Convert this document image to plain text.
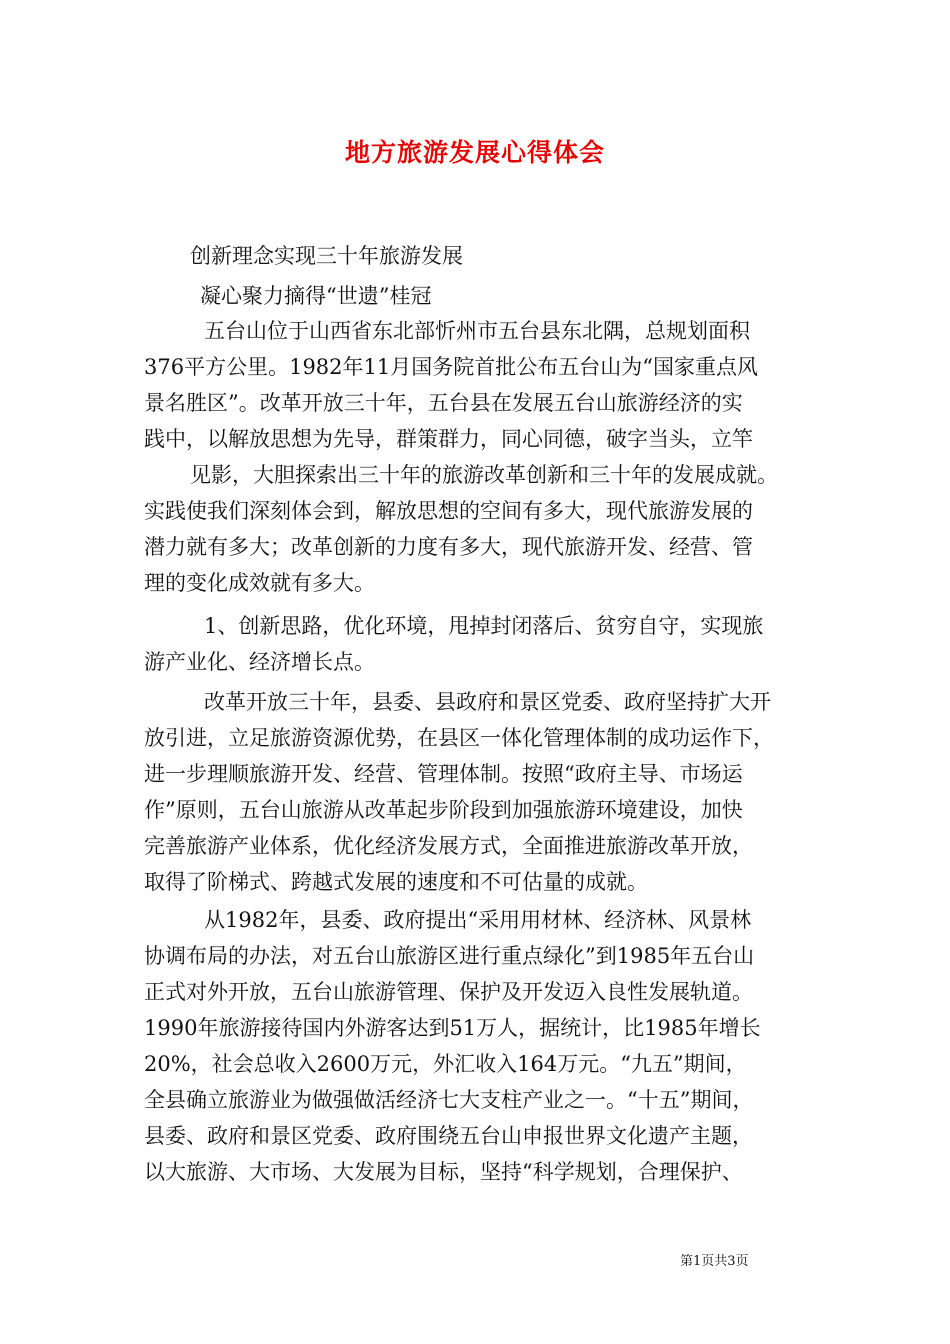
地方旅游发展心得体会
创新理念实现三十年旅游发展
凝心聚力摘得“世遗”桂冠
五台山位于山西省东北部忻州市五台县东北隅，总规划面积
376平方公里。1982年11月国务院首批公布五台山为“国家重点风
景名胜区”。改革开放三十年，五台县在发展五台山旅游经济的实
践中，以解放思想为先导，群策群力，同心同德，破字当头，立竿
见影，大胆探索出三十年的旅游改革创新和三十年的发展成就。
实践使我们深刻体会到，解放思想的空间有多大，现代旅游发展的
潜力就有多大；改革创新的力度有多大，现代旅游开发、经营、管
理的变化成效就有多大。
1、创新思路，优化环境，甩掉封闭落后、贫穷自守，实现旅
游产业化、经济增长点。
改革开放三十年，县委、县政府和景区党委、政府坚持扩大开
放引进，立足旅游资源优势，在县区一体化管理体制的成功运作下，
进一步理顺旅游开发、经营、管理体制。按照“政府主导、市场运
作”原则，五台山旅游从改革起步阶段到加强旅游环境建设，加快
完善旅游产业体系，优化经济发展方式，全面推进旅游改革开放，
取得了阶梯式、跨越式发展的速度和不可估量的成就。
从1982年，县委、政府提出“采用用材林、经济林、风景林
协调布局的办法，对五台山旅游区进行重点绿化”到1985年五台山
正式对外开放，五台山旅游管理、保护及开发迈入良性发展轨道。
1990年旅游接待国内外游客达到51万人，据统计，比1985年增长
20%，社会总收入2600万元，外汇收入164万元。“九五”期间，
全县确立旅游业为做强做活经济七大支柱产业之一。“十五”期间，
县委、政府和景区党委、政府围绕五台山申报世界文化遗产主题，
以大旅游、大市场、大发展为目标，坚持“科学规划，合理保护、
第1页共3页
